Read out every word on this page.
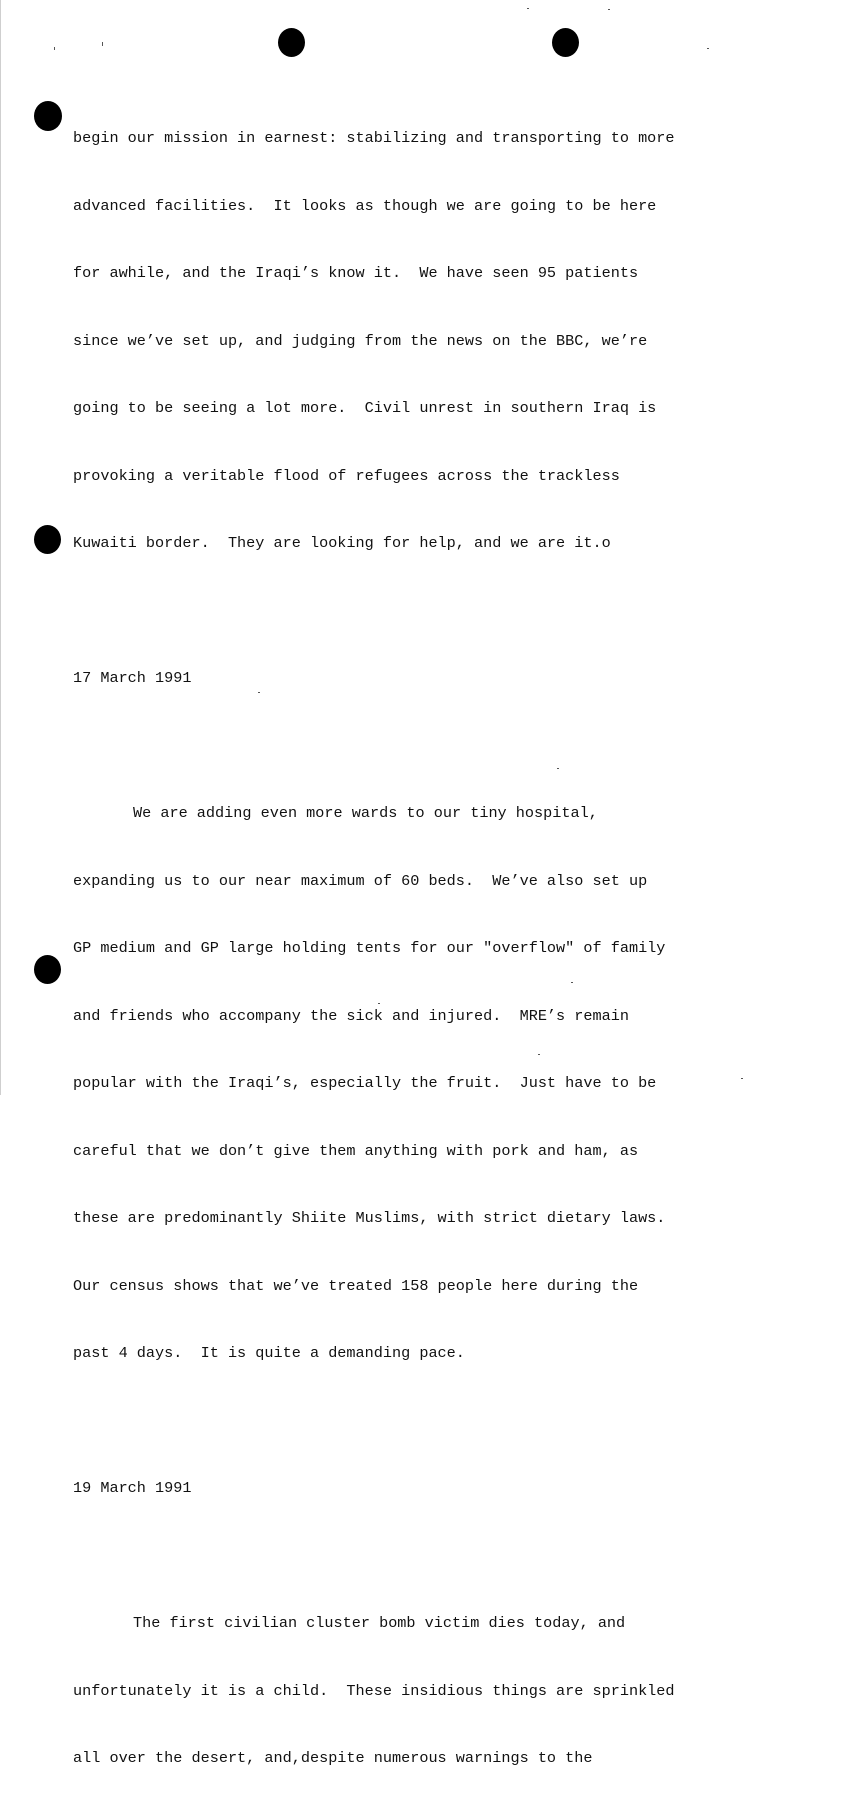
begin our mission in earnest: stabilizing and transporting to more

advanced facilities.  It looks as though we are going to be here

for awhile, and the Iraqi’s know it.  We have seen 95 patients

since we’ve set up, and judging from the news on the BBC, we’re

going to be seeing a lot more.  Civil unrest in southern Iraq is

provoking a veritable flood of refugees across the trackless

Kuwaiti border.  They are looking for help, and we are it.o

17 March 1991

We are adding even more wards to our tiny hospital,

expanding us to our near maximum of 60 beds.  We’ve also set up

GP medium and GP large holding tents for our "overflow" of family

and friends who accompany the sick and injured.  MRE’s remain

popular with the Iraqi’s, especially the fruit.  Just have to be

careful that we don’t give them anything with pork and ham, as

these are predominantly Shiite Muslims, with strict dietary laws.

Our census shows that we’ve treated 158 people here during the

past 4 days.  It is quite a demanding pace.

19 March 1991

The first civilian cluster bomb victim dies today, and

unfortunately it is a child.  These insidious things are sprinkled

all over the desert, and,despite numerous warnings to the
